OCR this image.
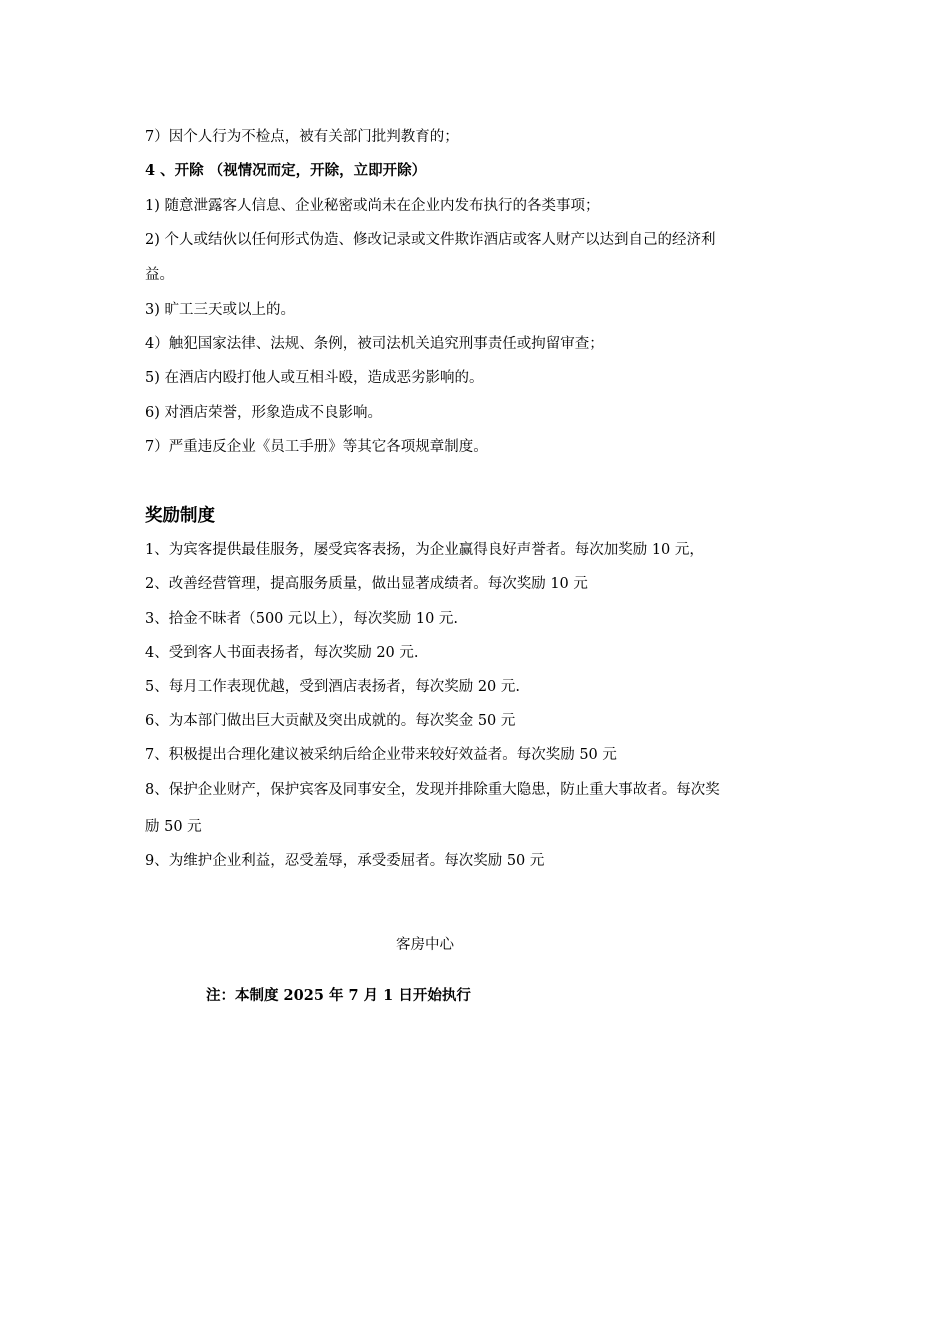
7）因个人行为不检点，被有关部门批判教育的；
4 、开除 （视情况而定，开除，立即开除）
1) 随意泄露客人信息、企业秘密或尚未在企业内发布执行的各类事项；
2) 个人或结伙以任何形式伪造、修改记录或文件欺诈酒店或客人财产以达到自己的经济利
益。
3) 旷工三天或以上的。
4）触犯国家法律、法规、条例，被司法机关追究刑事责任或拘留审查；
5) 在酒店内殴打他人或互相斗殴，造成恶劣影响的。
6) 对酒店荣誉，形象造成不良影响。
7）严重违反企业《员工手册》等其它各项规章制度。
奖励制度
1、为宾客提供最佳服务，屡受宾客表扬，为企业赢得良好声誉者。每次加奖励 10 元，
2、改善经营管理，提高服务质量，做出显著成绩者。每次奖励 10 元
3、拾金不昧者（500 元以上），每次奖励 10 元.
4、受到客人书面表扬者，每次奖励 20 元.
5、每月工作表现优越，受到酒店表扬者，每次奖励 20 元.
6、为本部门做出巨大贡献及突出成就的。每次奖金 50 元
7、积极提出合理化建议被采纳后给企业带来较好效益者。每次奖励 50 元
8、保护企业财产，保护宾客及同事安全，发现并排除重大隐患，防止重大事故者。每次奖
励 50 元
9、为维护企业利益，忍受羞辱，承受委屈者。每次奖励 50 元
客房中心
注：本制度 2025 年 7 月 1 日开始执行
